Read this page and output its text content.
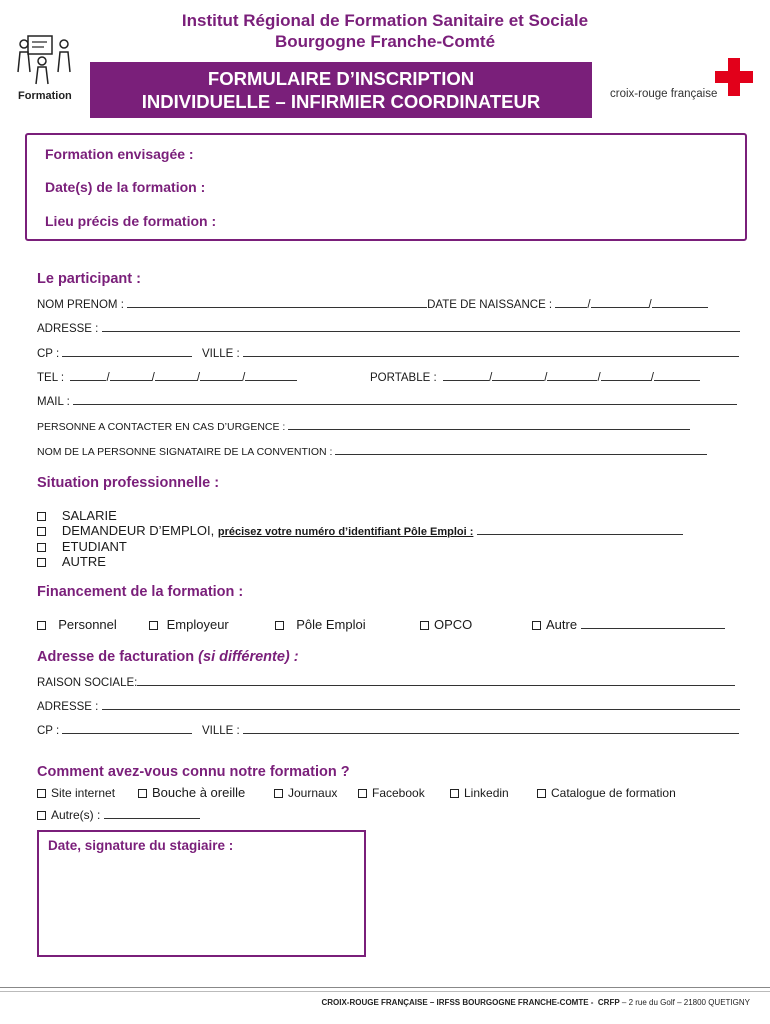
Institut Régional de Formation Sanitaire et Sociale
Bourgogne Franche-Comté
Formation
FORMULAIRE D’INSCRIPTION
INDIVIDUELLE – INFIRMIER COORDINATEUR	croix-rouge française
Formation envisagée :
Date(s) de la formation :
Lieu précis de formation :
Le participant :
NOM PRENOM :	DATE DE NAISSANCE :	/	/
ADRESSE :
CP :	VILLE :
TEL :	/	/	/	/	PORTABLE :	/	/	/	/
MAIL :
PERSONNE A CONTACTER EN CAS D’URGENCE :
NOM DE LA PERSONNE SIGNATAIRE DE LA CONVENTION :
Situation professionnelle :
SALARIE
DEMANDEUR D’EMPLOI, précisez votre numéro d’identifiant Pôle Emploi :
ETUDIANT
AUTRE
Financement de la formation :
Personnel	Employeur	Pôle Emploi	OPCO	Autre
Adresse de facturation (si différente) :
RAISON SOCIALE:
ADRESSE :
CP :	VILLE :
Comment avez-vous connu notre formation ?
Site internet	Bouche à oreille	Journaux	Facebook	Linkedin	Catalogue de formation
Autre(s) :
Date, signature du stagiaire :
CROIX-ROUGE FRANÇAISE – IRFSS BOURGOGNE FRANCHE-COMTE - CRFP – 2 rue du Golf – 21800 QUETIGNY
